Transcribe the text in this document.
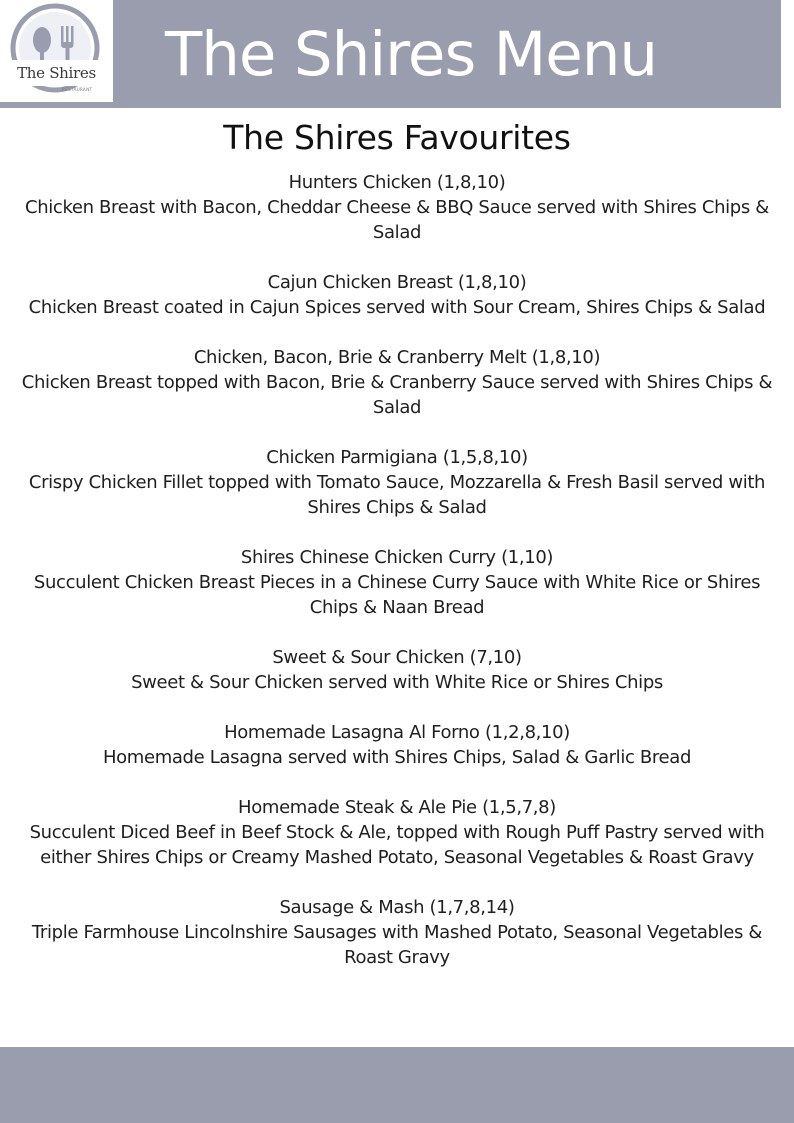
The Shires
RESTAURANT The Shires Menu
The Shires Favourites
Hunters Chicken (1,8,10)
Chicken Breast with Bacon, Cheddar Cheese & BBQ Sauce served with Shires Chips & Salad
Cajun Chicken Breast (1,8,10)
Chicken Breast coated in Cajun Spices served with Sour Cream, Shires Chips & Salad
Chicken, Bacon, Brie & Cranberry Melt (1,8,10)
Chicken Breast topped with Bacon, Brie & Cranberry Sauce served with Shires Chips & Salad
Chicken Parmigiana (1,5,8,10)
Crispy Chicken Fillet topped with Tomato Sauce, Mozzarella & Fresh Basil served with Shires Chips & Salad
Shires Chinese Chicken Curry (1,10)
Succulent Chicken Breast Pieces in a Chinese Curry Sauce with White Rice or Shires Chips & Naan Bread
Sweet & Sour Chicken (7,10)
Sweet & Sour Chicken served with White Rice or Shires Chips
Homemade Lasagna Al Forno (1,2,8,10)
Homemade Lasagna served with Shires Chips, Salad & Garlic Bread
Homemade Steak & Ale Pie (1,5,7,8)
Succulent Diced Beef in Beef Stock & Ale, topped with Rough Puff Pastry served with either Shires Chips or Creamy Mashed Potato, Seasonal Vegetables & Roast Gravy
Sausage & Mash (1,7,8,14)
Triple Farmhouse Lincolnshire Sausages with Mashed Potato, Seasonal Vegetables & Roast Gravy
